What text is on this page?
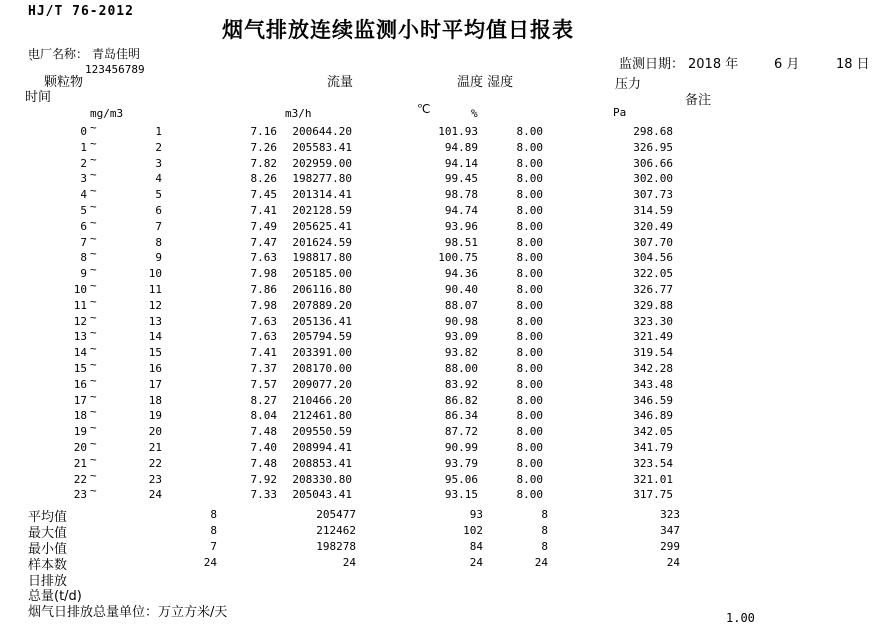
HJ/T 76-2012
烟气排放连续监测小时平均值日报表
电厂名称： 青岛佳明
`	123456789	监测日期： 2018 年	6 月	18 日
颗粒物	流量	温度 湿度	压力
时间	备注
mg/m3	m3/h	℃	%	Pa
0 ~	1	7.16	200644.20	101.93	8.00	298.68
1 ~	2	7.26	205583.41	94.89	8.00	326.95
2 ~	3	7.82	202959.00	94.14	8.00	306.66
3 ~	4	8.26	198277.80	99.45	8.00	302.00
4 ~	5	7.45	201314.41	98.78	8.00	307.73
5 ~	6	7.41	202128.59	94.74	8.00	314.59
6 ~	7	7.49	205625.41	93.96	8.00	320.49
7 ~	8	7.47	201624.59	98.51	8.00	307.70
8 ~	9	7.63	198817.80	100.75	8.00	304.56
9 ~	10	7.98	205185.00	94.36	8.00	322.05
10 ~	11	7.86	206116.80	90.40	8.00	326.77
11 ~	12	7.98	207889.20	88.07	8.00	329.88
12 ~	13	7.63	205136.41	90.98	8.00	323.30
13 ~	14	7.63	205794.59	93.09	8.00	321.49
14 ~	15	7.41	203391.00	93.82	8.00	319.54
15 ~	16	7.37	208170.00	88.00	8.00	342.28
16 ~	17	7.57	209077.20	83.92	8.00	343.48
17 ~	18	8.27	210466.20	86.82	8.00	346.59
18 ~	19	8.04	212461.80	86.34	8.00	346.89
19 ~	20	7.48	209550.59	87.72	8.00	342.05
20 ~	21	7.40	208994.41	90.99	8.00	341.79
21 ~	22	7.48	208853.41	93.79	8.00	323.54
22 ~	23	7.92	208330.80	95.06	8.00	321.01
23 ~	24	7.33	205043.41	93.15	8.00	317.75
平均值	8	205477	93	8	323
最大值	8	212462	102	8	347
最小值	7	198278	84	8	299
样本数	24	24	24	24	24
日排放
总量(t/d)
烟气日排放总量单位：万立方米/天	1.00
